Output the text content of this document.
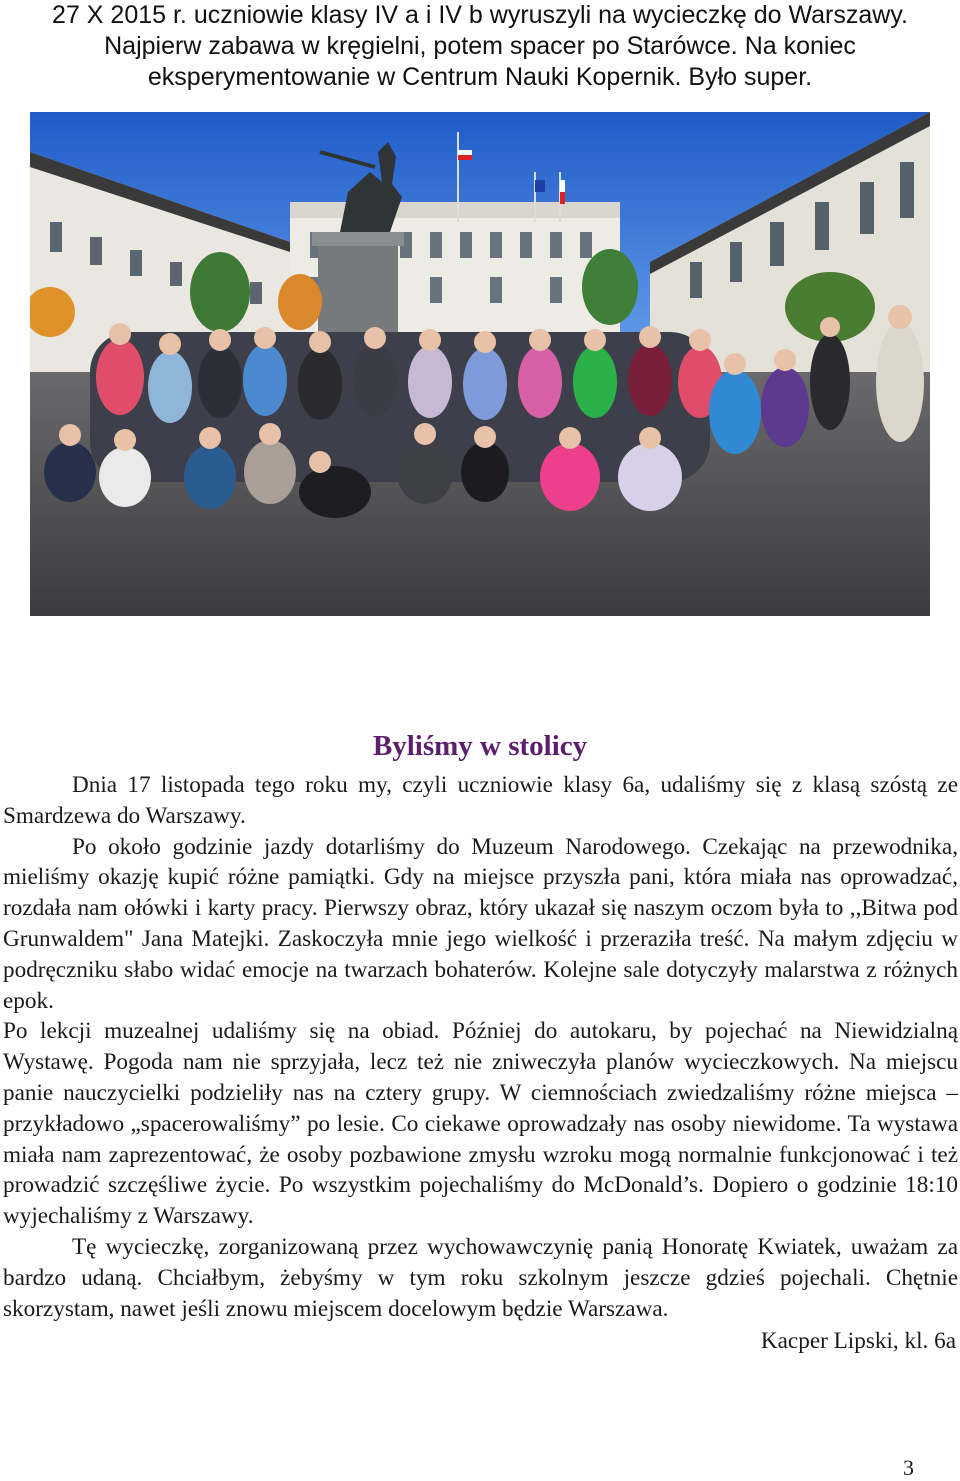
27 X 2015 r. uczniowie klasy IV a i IV b wyruszyli na wycieczkę do Warszawy.
Najpierw zabawa w kręgielni, potem spacer po Starówce. Na koniec
eksperymentowanie w Centrum Nauki Kopernik. Było super.
Byliśmy w stolicy

Dnia 17 listopada tego roku my, czyli uczniowie klasy 6a, udaliśmy się z klasą szóstą ze Smardzewa do Warszawy.

Po około godzinie jazdy dotarliśmy do Muzeum Narodowego. Czekając na przewodnika, mieliśmy okazję kupić różne pamiątki. Gdy na miejsce przyszła pani, która miała nas oprowadzać, rozdała nam ołówki i karty pracy. Pierwszy obraz, który ukazał się naszym oczom była to ,,Bitwa pod Grunwaldem" Jana Matejki. Zaskoczyła mnie jego wielkość i przeraziła treść. Na małym zdjęciu w podręczniku słabo widać emocje na twarzach bohaterów. Kolejne sale dotyczyły malarstwa z różnych epok.

Po lekcji muzealnej udaliśmy się na obiad. Później do autokaru, by pojechać na Niewidzialną Wystawę. Pogoda nam nie sprzyjała, lecz też nie zniweczyła planów wycieczkowych. Na miejscu panie nauczycielki podzieliły nas na cztery grupy. W ciemnościach zwiedzaliśmy różne miejsca – przykładowo „spacerowaliśmy” po lesie. Co ciekawe oprowadzały nas osoby niewidome. Ta wystawa miała nam zaprezentować, że osoby pozbawione zmysłu wzroku mogą normalnie funkcjonować i też prowadzić szczęśliwe życie. Po wszystkim pojechaliśmy do McDonald’s. Dopiero o godzinie 18:10 wyjechaliśmy z Warszawy.

Tę wycieczkę, zorganizowaną przez wychowawczynię panią Honoratę Kwiatek, uważam za bardzo udaną. Chciałbym, żebyśmy w tym roku szkolnym jeszcze gdzieś pojechali. Chętnie skorzystam, nawet jeśli znowu miejscem docelowym będzie Warszawa.

Kacper Lipski, kl. 6a

3
